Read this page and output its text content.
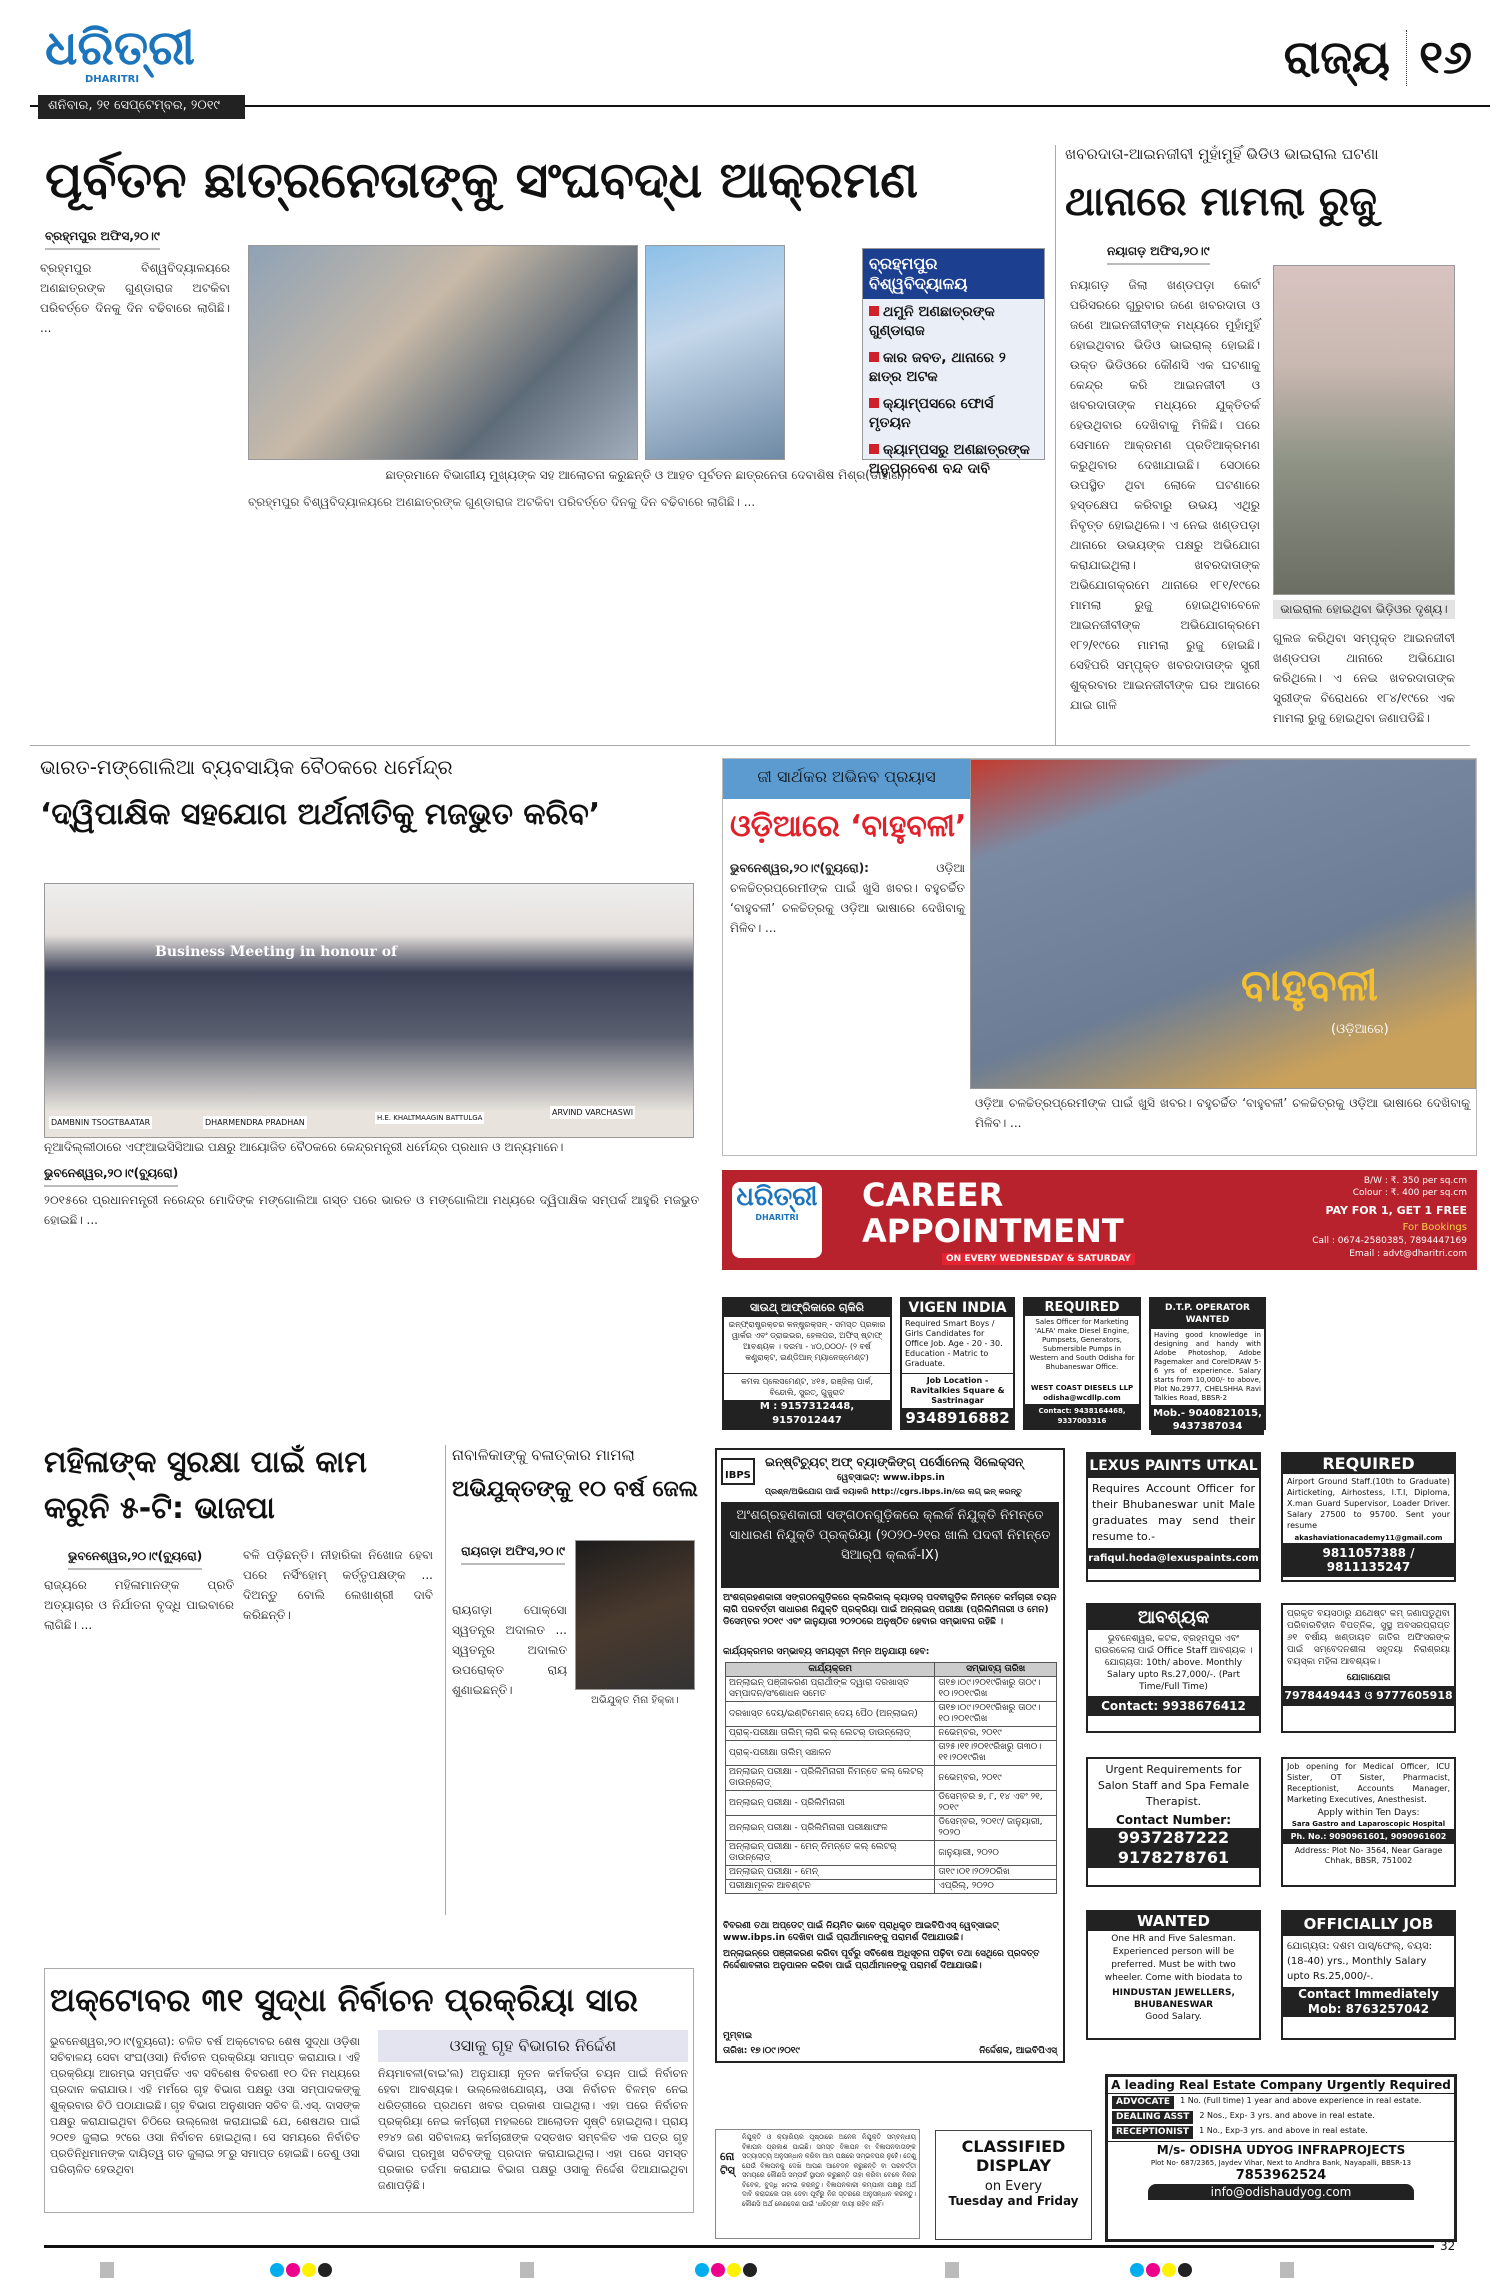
ଧରିତ୍ରୀ
DHARITRI
ଶନିବାର, ୨୧ ସେପ୍ଟେମ୍ବର, ୨୦୧୯
ରାଜ୍ୟ ୧୬
ପୂର୍ବତନ ଛାତ୍ରନେତାଙ୍କୁ ସଂଘବଦ୍ଧ ଆକ୍ରମଣ
ବ୍ରହ୍ମପୁର ଅଫିସ,୨୦।୯
ବ୍ରହ୍ମପୁର ବିଶ୍ୱବିଦ୍ୟାଳୟରେ ଅଣଛାତ୍ରଙ୍କ ଗୁଣ୍ଡାରାଜ ଅଟକିବା ପରିବର୍ତ୍ତେ ଦିନକୁ ଦିନ ବଢିବାରେ ଲାଗିଛି। ...
ବ୍ରହ୍ମପୁର ବିଶ୍ୱବିଦ୍ୟାଳୟ
ଥମୁନି ଅଣଛାତ୍ରଙ୍କ ଗୁଣ୍ଡାରାଜ
କାର ଜବତ, ଥାନାରେ ୨ ଛାତ୍ର ଅଟକ
କ୍ୟାମ୍ପସରେ ଫୋର୍ସ ମୃତୟନ
କ୍ୟାମ୍ପସରୁ ଅଣଛାତ୍ରଙ୍କ ଅନୁପ୍ରବେଶ ବନ୍ଦ ଦାବି
ଛାତ୍ରମାନେ ବିଭାଗୀୟ ମୁଖ୍ୟଙ୍କ ସହ ଆଲୋଚନା କରୁଛନ୍ତି ଓ ଆହତ ପୂର୍ବତନ ଛାତ୍ରନେତା ଦେବାଶିଷ ମିଶ୍ର(ଡାହାଣ)।
ବ୍ରହ୍ମପୁର ବିଶ୍ୱବିଦ୍ୟାଳୟରେ ଅଣଛାତ୍ରଙ୍କ ଗୁଣ୍ଡାରାଜ ଅଟକିବା ପରିବର୍ତ୍ତେ ଦିନକୁ ଦିନ ବଢିବାରେ ଲାଗିଛି। ...
ଖବରଦାତା-ଆଇନଜୀବୀ ମୁହାଁମୁହିଁ ଭିଡିଓ ଭାଇରାଲ ଘଟଣା
ଥାନାରେ ମାମଲା ରୁଜୁ
ନୟାଗଡ଼ ଅଫିସ,୨୦।୯
ନୟାଗଡ଼ ଜିଲା ଖଣ୍ଡପଡ଼ା କୋର୍ଟ ପରିସରରେ ଗୁରୁବାର ଜଣେ ଖବରଦାତା ଓ ଜଣେ ଆଇନଜୀବୀଙ୍କ ମଧ୍ୟରେ ମୁହାଁମୁହିଁ ହୋଇଥିବାର ଭିଡିଓ ଭାଇରାଲ୍ ହୋଇଛି। ଉକ୍ତ ଭିଡିଓରେ କୌଣସି ଏକ ଘଟଣାକୁ କେନ୍ଦ୍ର କରି ଆଇନଜୀବୀ ଓ ଖବରଦାତାଙ୍କ ମଧ୍ୟରେ ଯୁକ୍ତିତର୍କ ହେଉଥିବାର ଦେଖିବାକୁ ମିଳିଛି। ପରେ ସେମାନେ ଆକ୍ରମଣ ପ୍ରତିଆକ୍ରମଣ କରୁଥିବାର ଦେଖାଯାଇଛି। ସେଠାରେ ଉପସ୍ଥିତ ଥିବା ଲୋକେ ଘଟଣାରେ ହସ୍ତକ୍ଷେପ କରିବାରୁ ଉଭୟ ଏଥିରୁ ନିବୃତ୍ତ ହୋଇଥିଲେ। ଏ ନେଇ ଖଣ୍ଡପଡ଼ା ଥାନାରେ ଉଭୟଙ୍କ ପକ୍ଷରୁ ଅଭିଯୋଗ କରାଯାଇଥିଲା। ଖବରଦାତାଙ୍କ ଅଭିଯୋଗକ୍ରମେ ଥାନାରେ ୧୮୧/୧୯ରେ ମାମଲା ରୁଜୁ ହୋଇଥିବାବେଳେ ଆଇନଜୀବୀଙ୍କ ଅଭିଯୋଗକ୍ରମେ ୧୮୨/୧୯ରେ ମାମଲା ରୁଜୁ ହୋଇଛି। ସେହିପରି ସମ୍ପୃକ୍ତ ଖବରଦାତାଙ୍କ ସ୍ତ୍ରୀ ଶୁକ୍ରବାର ଆଇନଜୀବୀଙ୍କ ଘର ଆଗରେ ଯାଇ ଗାଳି
ଭାଇରାଲ ହୋଇଥିବା ଭିଡ଼ିଓର ଦୃଶ୍ୟ।
ଗୁଲଜ କରିଥିବା ସମ୍ପୃକ୍ତ ଆଇନଜୀବୀ ଖଣ୍ଡପଡା ଥାନାରେ ଅଭିଯୋଗ କରିଥିଲେ। ଏ ନେଇ ଖବରଦାତାଙ୍କ ସ୍ତ୍ରୀଙ୍କ ବିରୋଧରେ ୧୮୪/୧୯ରେ ଏକ ମାମଲା ରୁଜୁ ହୋଇଥିବା ଜଣାପଡିଛି।
ଭାରତ-ମଙ୍ଗୋଲିଆ ବ୍ୟବସାୟିକ ବୈଠକରେ ଧର୍ମେନ୍ଦ୍ର
‘ଦ୍ୱିପାକ୍ଷିକ ସହଯୋଗ ଅର୍ଥନୀତିକୁ ମଜଭୁତ କରିବ’
Business Meeting in honour of
DAMBNIN TSOGTBAATAR	DHARMENDRA PRADHAN	H.E. KHALTMAAGIN BATTULGA
ARVIND VARCHASWI
ନୂଆଦିଲ୍ଲୀଠାରେ ଏଫ୍ଆଇସିସିଆଇ ପକ୍ଷରୁ ଆୟୋଜିତ ବୈଠକରେ କେନ୍ଦ୍ରମନ୍ତ୍ରୀ ଧର୍ମେନ୍ଦ୍ର ପ୍ରଧାନ ଓ ଅନ୍ୟମାନେ।
ଭୁବନେଶ୍ୱର,୨୦।୯(ବ୍ୟୁରୋ)
୨୦୧୫ରେ ପ୍ରଧାନମନ୍ତ୍ରୀ ନରେନ୍ଦ୍ର ମୋଦିଙ୍କ ମଙ୍ଗୋଲିଆ ଗସ୍ତ ପରେ ଭାରତ ଓ ମଙ୍ଗୋଲିଆ ମଧ୍ୟରେ ଦ୍ୱିପାକ୍ଷିକ ସମ୍ପର୍କ ଆହୁରି ମଜଭୁତ ହୋଇଛି। ...
ଜୀ ସାର୍ଥକର ଅଭିନବ ପ୍ରୟାସ
ଓଡ଼ିଆରେ ‘ବାହୁବଳୀ’
ବାହୁବଳୀ
(ଓଡ଼ିଆରେ)
ଭୁବନେଶ୍ୱର,୨୦।୯(ବ୍ୟୁରୋ):	ଓଡ଼ିଆ ଚଳଚ୍ଚିତ୍ରପ୍ରେମୀଙ୍କ ପାଇଁ ଖୁସି ଖବର। ବହୁଚର୍ଚ୍ଚିତ ‘ବାହୁବଳୀ’ ଚଳଚ୍ଚିତ୍ରକୁ ଓଡ଼ିଆ ଭାଷାରେ ଦେଖିବାକୁ ମିଳିବ। ...
ଓଡ଼ିଆ ଚଳଚ୍ଚିତ୍ରପ୍ରେମୀଙ୍କ ପାଇଁ ଖୁସି ଖବର। ବହୁଚର୍ଚ୍ଚିତ ‘ବାହୁବଳୀ’ ଚଳଚ୍ଚିତ୍ରକୁ ଓଡ଼ିଆ ଭାଷାରେ ଦେଖିବାକୁ ମିଳିବ। ...
ଧରିତ୍ରୀ
DHARITRI
CAREER
APPOINTMENT
ON EVERY WEDNESDAY & SATURDAY
B/W : ₹. 350 per sq.cm
Colour : ₹. 400 per sq.cm
PAY FOR 1, GET 1 FREE
For Bookings
Call : 0674-2580385, 7894447169
Email : advt@dharitri.com
ସାଉଥ୍ ଆଫ୍ରିକାରେ ଚାକିରି
ଇନ୍‌ଫ୍ରାଷ୍ଟ୍ରକ୍ଚର କନ୍‌ଷ୍ଟ୍ରକ୍ସନ୍ - ସମସ୍ତ ପ୍ରକାର ୱାର୍କର ଏବଂ ଡ୍ରାଇଭର, ହେଲପର, ଅଫିସ୍ ଷ୍ଟାଫ୍ ଆବଶ୍ୟକ । ଦରମା - ୪୦,୦୦୦/- (୨ ବର୍ଷ କଣ୍ଟ୍ରାକ୍ଟ, ଇଣ୍ଡିଆନ୍ ମ୍ୟାନେଜ୍‌ମେଣ୍ଟ)
କମଲ ପ୍ଲେସମେଣ୍ଟ, ୪୧୫, ରଞ୍ଜିଲା ପାର୍କ, ବିନ୍ଦୋଲି, ସୁରତ୍, ଗୁଜୁରାଟ
M : 9157312448, 9157012447
VIGEN INDIA
Required Smart Boys / Girls Candidates for Office Job. Age - 20 - 30. Education - Matric to Graduate.
Job Location - Ravitalkies Square & Sastrinagar
9348916882
REQUIRED
Sales Officer for Marketing 'ALFA' make Diesel Engine, Pumpsets, Generators, Submersible Pumps in Western and South Odisha for Bhubaneswar Office.
WEST COAST DIESELS LLP
odisha@wcdllp.com
Contact: 9438164468, 9337003316
D.T.P. OPERATOR WANTED
Having good knowledge in designing and handy with Adobe Photoshop, Adobe Pagemaker and CorelDRAW 5-6 yrs of experience. Salary starts from 10,000/- to above, Plot No.2977, CHELSHHA Ravi Talkies Road, BBSR-2
Mob.- 9040821015, 9437387034
IBPS
ଇନ୍‌ଷ୍ଟିଚ୍ୟୁଟ୍ ଅଫ୍ ବ୍ୟାଙ୍କିଙ୍ଗ୍ ପର୍ସୋନେଲ୍ ସିଲେକ୍ସନ୍
ୱେବ୍‌ସାଇଟ୍: www.ibps.in
ପ୍ରଶ୍ନ/ଅଭିଯୋଗ ପାଇଁ ଦୟାକରି http://cgrs.ibps.in/ରେ ଲଗ୍ ଇନ୍ କରନ୍ତୁ
ଅଂଶଗ୍ରହଣକାରୀ ସଙ୍ଗଠନଗୁଡ଼ିକରେ କ୍ଲର୍କ ନିଯୁକ୍ତି ନିମନ୍ତେ ସାଧାରଣ ନିଯୁକ୍ତି ପ୍ରକ୍ରିୟା (୨୦୨୦-୨୧ର ଖାଲି ପଦବୀ ନିମନ୍ତେ ସିଆର୍‌ପି କ୍ଲର୍କ-IX)
ଅଂଶଗ୍ରହଣକାରୀ ସଙ୍ଗଠନଗୁଡ଼ିକରେ କ୍ଲରିକାଲ୍ କ୍ୟାଡର୍ ପଦବୀଗୁଡ଼ିକ ନିମନ୍ତେ କର୍ମଚାରୀ ଚୟନ ଲାଗି ପରବର୍ତ୍ତୀ ସାଧାରଣ ନିଯୁକ୍ତି ପ୍ରକ୍ରିୟା ପାଇଁ ଅନ୍‌ଲାଇନ୍ ପରୀକ୍ଷା (ପ୍ରିଲିମିନାରୀ ଓ ମେନ) ଡିସେମ୍ବର ୨୦୧୯ ଏବଂ ଜାନୁୟାରୀ ୨୦୨୦ରେ ଅନୁଷ୍ଠିତ ହେବାର ସମ୍ଭାବନା ରହିଛି ।
କାର୍ଯ୍ୟକ୍ରମର ସମ୍ଭାବ୍ୟ ସମୟସୂଚୀ ନିମ୍ନ ଅନୁଯାୟୀ ହେବ:
କାର୍ଯ୍ୟକ୍ରମ	ସମ୍ଭାବ୍ୟ ତାରିଖ
ଅନ୍‌ଲାଇନ୍ ପଞ୍ଜୀକରଣ ପ୍ରାର୍ଥୀଙ୍କ ଦ୍ୱାରା ଦରଖାସ୍ତ ସମ୍ପାଦନ/ସଂଶୋଧନ ସମେତ	ତା୧୭।୦୯।୨୦୧୯ରିଖରୁ ତା୦୯।୧୦।୨୦୧୯ରିଖ
ଦରଖାସ୍ତ ଦେୟ/ଇଣ୍ଟିମେଶନ୍ ଦେୟ ପୈଠ (ଅନ୍‌ଲାଇନ୍)	ତା୧୭।୦୯।୨୦୧୯ରିଖରୁ ତା୦୯।୧୦।୨୦୧୯ରିଖ
ପ୍ରାକ୍-ପରୀକ୍ଷା ତାଲିମ୍ ଲାଗି କଲ୍ ଲେଟର୍ ଡାଉନ୍‌ଲୋଡ୍	ନଭେମ୍ବର, ୨୦୧୯
ପ୍ରାକ୍-ପରୀକ୍ଷା ତାଲିମ୍ ସଞ୍ଚାଳନ	ତା୨୫।୧୧।୨୦୧୯ରିଖରୁ ତା୩୦।୧୧।୨୦୧୯ରିଖ
ଅନ୍‌ଲାଇନ୍ ପରୀକ୍ଷା - ପ୍ରିଲିମିନାରୀ ନିମନ୍ତେ କଲ୍ ଲେଟର୍ ଡାଉନ୍‌ଲୋଡ୍	ନଭେମ୍ବର, ୨୦୧୯
ଅନ୍‌ଲାଇନ୍ ପରୀକ୍ଷା - ପ୍ରିଲିମିନାରୀ	ଡିସେମ୍ବର ୭, ୮, ୧୪ ଏବଂ ୨୧, ୨୦୧୯
ଅନ୍‌ଲାଇନ୍ ପରୀକ୍ଷା - ପ୍ରିଲିମିନାରୀ ପରୀକ୍ଷାଫଳ	ଡିସେମ୍ବର, ୨୦୧୯/ ଜାନୁୟାରୀ, ୨୦୨୦
ଅନ୍‌ଲାଇନ୍ ପରୀକ୍ଷା - ମେନ୍ ନିମନ୍ତେ କଲ୍ ଲେଟର୍ ଡାଉନ୍‌ଲୋଡ୍	ଜାନୁୟାରୀ, ୨୦୨୦
ଅନ୍‌ଲାଇନ୍ ପରୀକ୍ଷା - ମେନ୍	ତା୧୯।୦୧।୨୦୨୦ରିଖ
ପରୀକ୍ଷାମୂଳକ ଆବଣ୍ଟନ	ଏପ୍ରିଲ୍, ୨୦୨୦
ବିବରଣୀ ତଥା ଅପ୍‌ଡେଟ୍ ପାଇଁ ନିୟମିତ ଭାବେ ପ୍ରାଧିକୃତ ଆଇବିପିଏସ୍ ୱେବ୍‌ସାଇଟ୍ www.ibps.in ଦେଖିବା ପାଇଁ ପ୍ରାର୍ଥୀମାନଙ୍କୁ ପରାମର୍ଶ ଦିଆଯାଉଛି।
ଅନ୍‌ଲାଇନ୍‌ରେ ପଞ୍ଜୀକରଣ କରିବା ପୂର୍ବରୁ ସବିଶେଷ ଅଧିସୂଚନା ପଢ଼ିବା ତଥା ସେଥିରେ ପ୍ରଦତ୍ତ ନିର୍ଦ୍ଦେଶାବଳୀର ଅନୁପାଳନ କରିବା ପାଇଁ ପ୍ରାର୍ଥୀମାନଙ୍କୁ ପରାମର୍ଶ ଦିଆଯାଉଛି।
ମୁମ୍ବାଇ
ତାରିଖ: ୧୭।୦୯।୨୦୧୯	ନିର୍ଦ୍ଦେଶକ, ଆଇବିପିଏସ୍
LEXUS PAINTS UTKAL
Requires Account Officer for their Bhubaneswar unit Male graduates may send their resume to.-
rafiqul.hoda@lexuspaints.com
REQUIRED
Airport Ground Staff.(10th to Graduate) Airticketing, Airhostess, I.T.I, Diploma, X.man Guard Supervisor, Loader Driver. Salary 27500 to 95700. Sent your resume
akashaviationacademy11@gmail.com
9811057388 / 9811135247
ଆବଶ୍ୟକ
ଭୁବନେଶ୍ୱର, କଟକ, ବ୍ରହ୍ମପୁର ଏବଂ ରାଉରକେଲା ପାଇଁ Office Staff ଆବଶ୍ୟକ । ଯୋଗ୍ୟତା: 10th/ above. Monthly Salary upto Rs.27,000/-. (Part Time/Full Time)
Contact: 9938676412
ପ୍ରକୃତ ବୟସଠାରୁ ଯଥେଷ୍ଟ କମ୍ ଜଣାପଡୁଥିବା ପରିବାରବିହୀନ ବିପତ୍ନିକ, ସୁସ୍ଥ ଅବସରପ୍ରାପ୍ତ ୬୧ ବର୍ଷୀୟ ଖଣ୍ଡାୟତ ଜାତିର ଅଫିସରଙ୍କ ପାଇଁ ସମ୍ବେଦନଶୀଳା ସହୃଦୟା ନିରାଶ୍ରୟା ବୟସ୍କା ମହିଳା ଆବଶ୍ୟକ।
ଯୋଗାଯୋଗ
7978449443 ଓ 9777605918
Urgent Requirements for Salon Staff and Spa Female Therapist.
Contact Number:
9937287222
9178278761
Job opening for Medical Officer, ICU Sister, OT Sister, Pharmacist, Receptionist, Accounts Manager, Marketing Executives, Anesthesist.
Apply within Ten Days:
Sara Gastro and Laparoscopic Hospital
Ph. No.: 9090961601, 9090961602
Address: Plot No- 3564, Near Garage Chhak, BBSR, 751002
WANTED
One HR and Five Salesman. Experienced person will be preferred. Must be with two wheeler. Come with biodata to
HINDUSTAN JEWELLERS, BHUBANESWAR
Good Salary.
OFFICIALLY JOB
ଯୋଗ୍ୟତା: ଦଶମ ପାସ୍/ଫେଲ୍, ବୟସ: (18-40) yrs., Monthly Salary upto Rs.25,000/-.
Contact Immediately
Mob: 8763257042
A leading Real Estate Company Urgently Required
ADVOCATE	1 No. (Full time) 1 year and above experience in real estate.
DEALING ASST	2 Nos., Exp- 3 yrs. and above in real estate.
RECEPTIONIST	1 No., Exp-3 yrs. and above in real estate.
M/s- ODISHA UDYOG INFRAPROJECTS
Plot No- 687/2365, Jaydev Vihar, Next to Andhra Bank, Nayapalli, BBSR-13
7853962524
info@odishaudyog.com
ନୋଟିସ୍
ନିଯୁକ୍ତି ଓ କ୍ୟାରିୟର ପୃଷ୍ଠାରେ ଅନେକ ନିଯୁକ୍ତି ସମ୍ବନ୍ଧୀୟ ବିଜ୍ଞାପନ ପ୍ରକାଶ ପାଇଛି। ସମସ୍ତ ବିଜ୍ଞାପନ ବା ବିଜ୍ଞାପନଦାତାଙ୍କ ସତ୍ୟାସତ୍ୟ ଅନୁସନ୍ଧାନ କରିବା ଆମ ପକ୍ଷରେ ସମ୍ଭବପର ନୁହେଁ। ତେଣୁ ଯେଉଁ ବିଜ୍ଞାପନକୁ ଦେଖି ଆପଣ ଆବେଦନ କରୁଛନ୍ତି ବା ପରବର୍ତ୍ତୀ ସମୟରେ କୌଣସି ସମ୍ପର୍କ ସ୍ଥାପନ କରୁଛନ୍ତି ତାହା କରିବା ବେଳେ ନିଜର ବିବେକ, ବୁଦ୍ଧି ଖଟାଇ କରନ୍ତୁ। ବିଜ୍ଞାପନକାରୀ କମ୍ପାନୀ ପକ୍ଷରୁ ଅର୍ଥ ଦାବି କରାଗଲେ ତାହା ଦେବା ପୂର୍ବରୁ ନିଜ ସ୍ତରରେ ଅନୁସନ୍ଧାନ କରନ୍ତୁ। କୌଣସି ଅର୍ଥ ନେଣଦେଣ ପାଇଁ 'ଧରିତ୍ରୀ' ଦାୟୀ ରହିବ ନାହିଁ।
CLASSIFIED
DISPLAY
on Every
Tuesday and Friday
ମହିଳାଙ୍କ ସୁରକ୍ଷା ପାଇଁ କାମ କରୁନି ୫-ଟି: ଭାଜପା
ଭୁବନେଶ୍ୱର,୨୦।୯(ବ୍ୟୁରୋ)
ରାଜ୍ୟରେ ମହିଳାମାନଙ୍କ ପ୍ରତି ଅତ୍ୟାଚାର ଓ ନିର୍ଯାତନା ବୃଦ୍ଧି ପାଇବାରେ ଲାଗିଛି। ...
ବଳି ପଡ଼ିଛନ୍ତି। ନୀହାରିକା ନିଖୋଜ ହେବା ପରେ ନର୍ସିଂହୋମ୍ କର୍ତ୍ତୃପକ୍ଷଙ୍କ ... ଦିଅନ୍ତୁ ବୋଲି ଲେଖାଶ୍ରୀ ଦାବି କରିଛନ୍ତି।
ନାବାଳିକାଙ୍କୁ ବଳାତ୍କାର ମାମଲା
ଅଭିଯୁକ୍ତଙ୍କୁ ୧୦ ବର୍ଷ ଜେଲ
ରାୟଗଡ଼ା ଅଫିସ,୨୦।୯
ଅଭିଯୁକ୍ତ ମିନା ହିକ୍କା।
ରାୟଗଡ଼ା ପୋକ୍ସୋ ସ୍ୱତନ୍ତ୍ର ଅଦାଲତ ... ସ୍ୱତନ୍ତ୍ର ଅଦାଲତ ଉପରୋକ୍ତ ରାୟ ଶୁଣାଇଛନ୍ତି।
ଅକ୍ଟୋବର ୩୧ ସୁଦ୍ଧା ନିର୍ବାଚନ ପ୍ରକ୍ରିୟା ସାର
ଭୁବନେଶ୍ୱର,୨୦।୯(ବ୍ୟୁରୋ): ଚଳିତ ବର୍ଷ ଅକ୍ଟୋବର ଶେଷ ସୁଦ୍ଧା ଓଡ଼ିଶା ସଚିବାଳୟ ସେବା ସଂଘ(ଓସା) ନିର୍ବାଚନ ପ୍ରକ୍ରିୟା ସମାପ୍ତ କରାଯାଉ। ଏହି ପ୍ରକ୍ରିୟା ଆରମ୍ଭ ସମ୍ପର୍କିତ ଏବ ସବିଶେଷ ବିବରଣୀ ୧୦ ଦିନ ମଧ୍ୟରେ ପ୍ରଦାନ କରାଯାଉ। ଏହି ମର୍ମରେ ଗୃହ ବିଭାଗ ପକ୍ଷରୁ ଓସା ସମ୍ପାଦକଙ୍କୁ ଶୁକ୍ରବାର ଚିଠି ପଠାଯାଇଛି। ଗୃହ ବିଭାଗ ଅନୁଶାସନ ସଚିବ ଜି.ଏସ୍. ଦାସଙ୍କ ପକ୍ଷରୁ କରାଯାଇଥିବା ଚିଠିରେ ଉଲ୍ଲେଖ କରାଯାଇଛି ଯେ, ଶେଷଥର ପାଇଁ ୨୦୧୭ ଜୁଲାଇ ୨୯ରେ ଓସା ନିର୍ବାଚନ ହୋଇଥିଲା। ସେ ସମୟରେ ନିର୍ବାଚିତ ପ୍ରତିନିଧିମାନଙ୍କ ଦାୟିତ୍ୱ ଗତ ଜୁଲାଇ ୨୮ରୁ ସମାପ୍ତ ହୋଇଛି। ତେଣୁ ଓସା ପରିଚାଳିତ ହେଉଥିବା
ଓସାକୁ ଗୃହ ବିଭାଗର ନିର୍ଦ୍ଦେଶ
ନିୟମାବଳୀ(ବାଇ'ଲ) ଅନୁଯାୟୀ ନୂତନ କର୍ମକର୍ତ୍ତା ଚୟନ ପାଇଁ ନିର୍ବାଚନ ହେବା ଆବଶ୍ୟକ। ଉଲ୍ଲେଖଯୋଗ୍ୟ, ଓସା ନିର୍ବାଚନ ବିଳମ୍ବ ନେଇ ଧରିତ୍ରୀରେ ପ୍ରଥମେ ଖବର ପ୍ରକାଶ ପାଇଥିଲା। ଏହା ପରେ ନିର୍ବାଚନ ପ୍ରକ୍ରିୟା ନେଇ କର୍ମଚାରୀ ମହଲରେ ଆଲୋଡନ ସୃଷ୍ଟି ହୋଇଥିଲା। ପ୍ରାୟ ୧୨୪୨ ଜଣ ସଚିବାଳୟ କର୍ମଚାରୀଙ୍କ ଦସ୍ତଖତ ସମ୍ବଳିତ ଏକ ପତ୍ର ଗୃହ ବିଭାଗ ପ୍ରମୁଖ ସଚିବଙ୍କୁ ପ୍ରଦାନ କରାଯାଇଥିଲା। ଏହା ପରେ ସମସ୍ତ ପ୍ରକାର ତର୍ଜମା କରାଯାଇ ବିଭାଗ ପକ୍ଷରୁ ଓସାକୁ ନିର୍ଦ୍ଦେଶ ଦିଆଯାଇଥିବା ଜଣାପଡ଼ିଛି।
32
